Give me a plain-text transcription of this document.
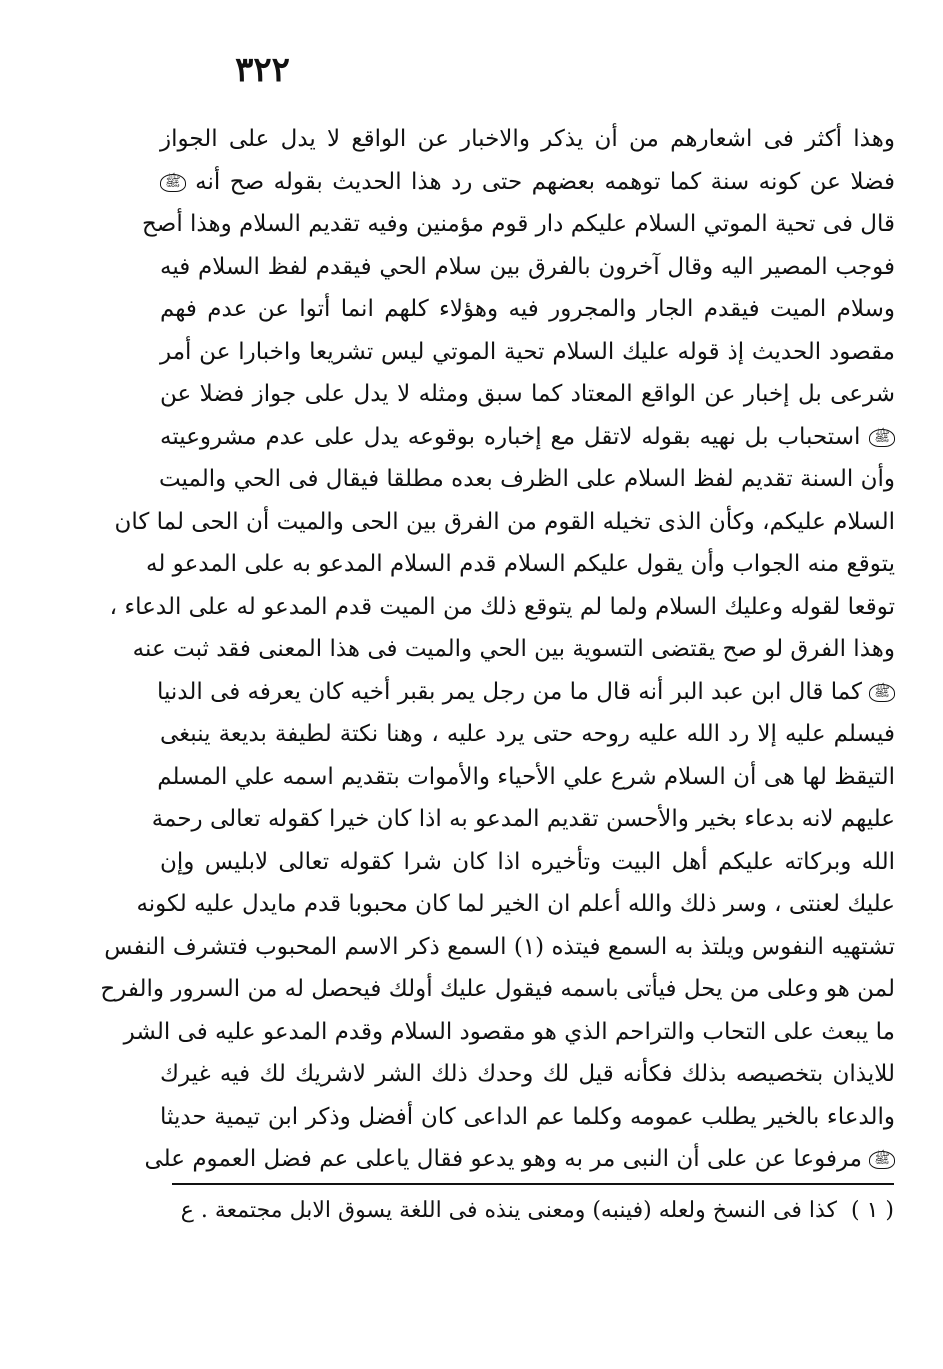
٣٢٢
وهذا أكثر فى اشعارهم من أن يذكر والاخبار عن الواقع لا يدل على الجواز
فضلا عن كونه سنة كما توهمه بعضهم حتى رد هذا الحديث بقوله صح أنه ﷺ
قال فى تحية الموتي السلام عليكم دار قوم مؤمنين وفيه تقديم السلام وهذا أصح
فوجب المصير اليه وقال آخرون بالفرق بين سلام الحي فيقدم لفظ السلام فيه
وسلام الميت فيقدم الجار والمجرور فيه وهؤلاء كلهم انما أتوا عن عدم فهم
مقصود الحديث إذ قوله عليك السلام تحية الموتي ليس تشريعا واخبارا عن أمر
شرعى بل إخبار عن الواقع المعتاد كما سبق ومثله لا يدل على جواز فضلا عن
ﷺ استحباب بل نهيه بقوله لاتقل مع إخباره بوقوعه يدل على عدم مشروعيته
وأن السنة تقديم لفظ السلام على الظرف بعده مطلقا فيقال فى الحي والميت
السلام عليكم، وكأن الذى تخيله القوم من الفرق بين الحى والميت أن الحى لما كان
يتوقع منه الجواب وأن يقول عليكم السلام قدم السلام المدعو به على المدعو له
توقعا لقوله وعليك السلام ولما لم يتوقع ذلك من الميت قدم المدعو له على الدعاء ،
وهذا الفرق لو صح يقتضى التسوية بين الحي والميت فى هذا المعنى فقد ثبت عنه
ﷺ كما قال ابن عبد البر أنه قال ما من رجل يمر بقبر أخيه كان يعرفه فى الدنيا
فيسلم عليه إلا رد الله عليه روحه حتى يرد عليه ، وهنا نكتة لطيفة بديعة ينبغى
التيقظ لها هى أن السلام شرع علي الأحياء والأموات بتقديم اسمه علي المسلم
عليهم لانه بدعاء بخير والأحسن تقديم المدعو به اذا كان خيرا كقوله تعالى رحمة
الله وبركاته عليكم أهل البيت وتأخيره اذا كان شرا كقوله تعالى لابليس وإن
عليك لعنتى ، وسر ذلك والله أعلم ان الخير لما كان محبوبا قدم مايدل عليه لكونه
تشتهيه النفوس ويلتذ به السمع فيتذه (١) السمع ذكر الاسم المحبوب فتشرف النفس
لمن هو وعلى من يحل فيأتى باسمه فيقول عليك أولك فيحصل له من السرور والفرح
ما يبعث على التحاب والتراحم الذي هو مقصود السلام وقدم المدعو عليه فى الشر
للايذان بتخصيصه بذلك فكأنه قيل لك وحدك ذلك الشر لاشريك لك فيه غيرك
والدعاء بالخير يطلب عمومه وكلما عم الداعى كان أفضل وذكر ابن تيمية حديثا
ﷺ مرفوعا عن على أن النبى مر به وهو يدعو فقال ياعلى عم فضل العموم على
( ١ )كذا فى النسخ ولعله (فينبه) ومعنى ينذه فى اللغة يسوق الابل مجتمعة . ع
